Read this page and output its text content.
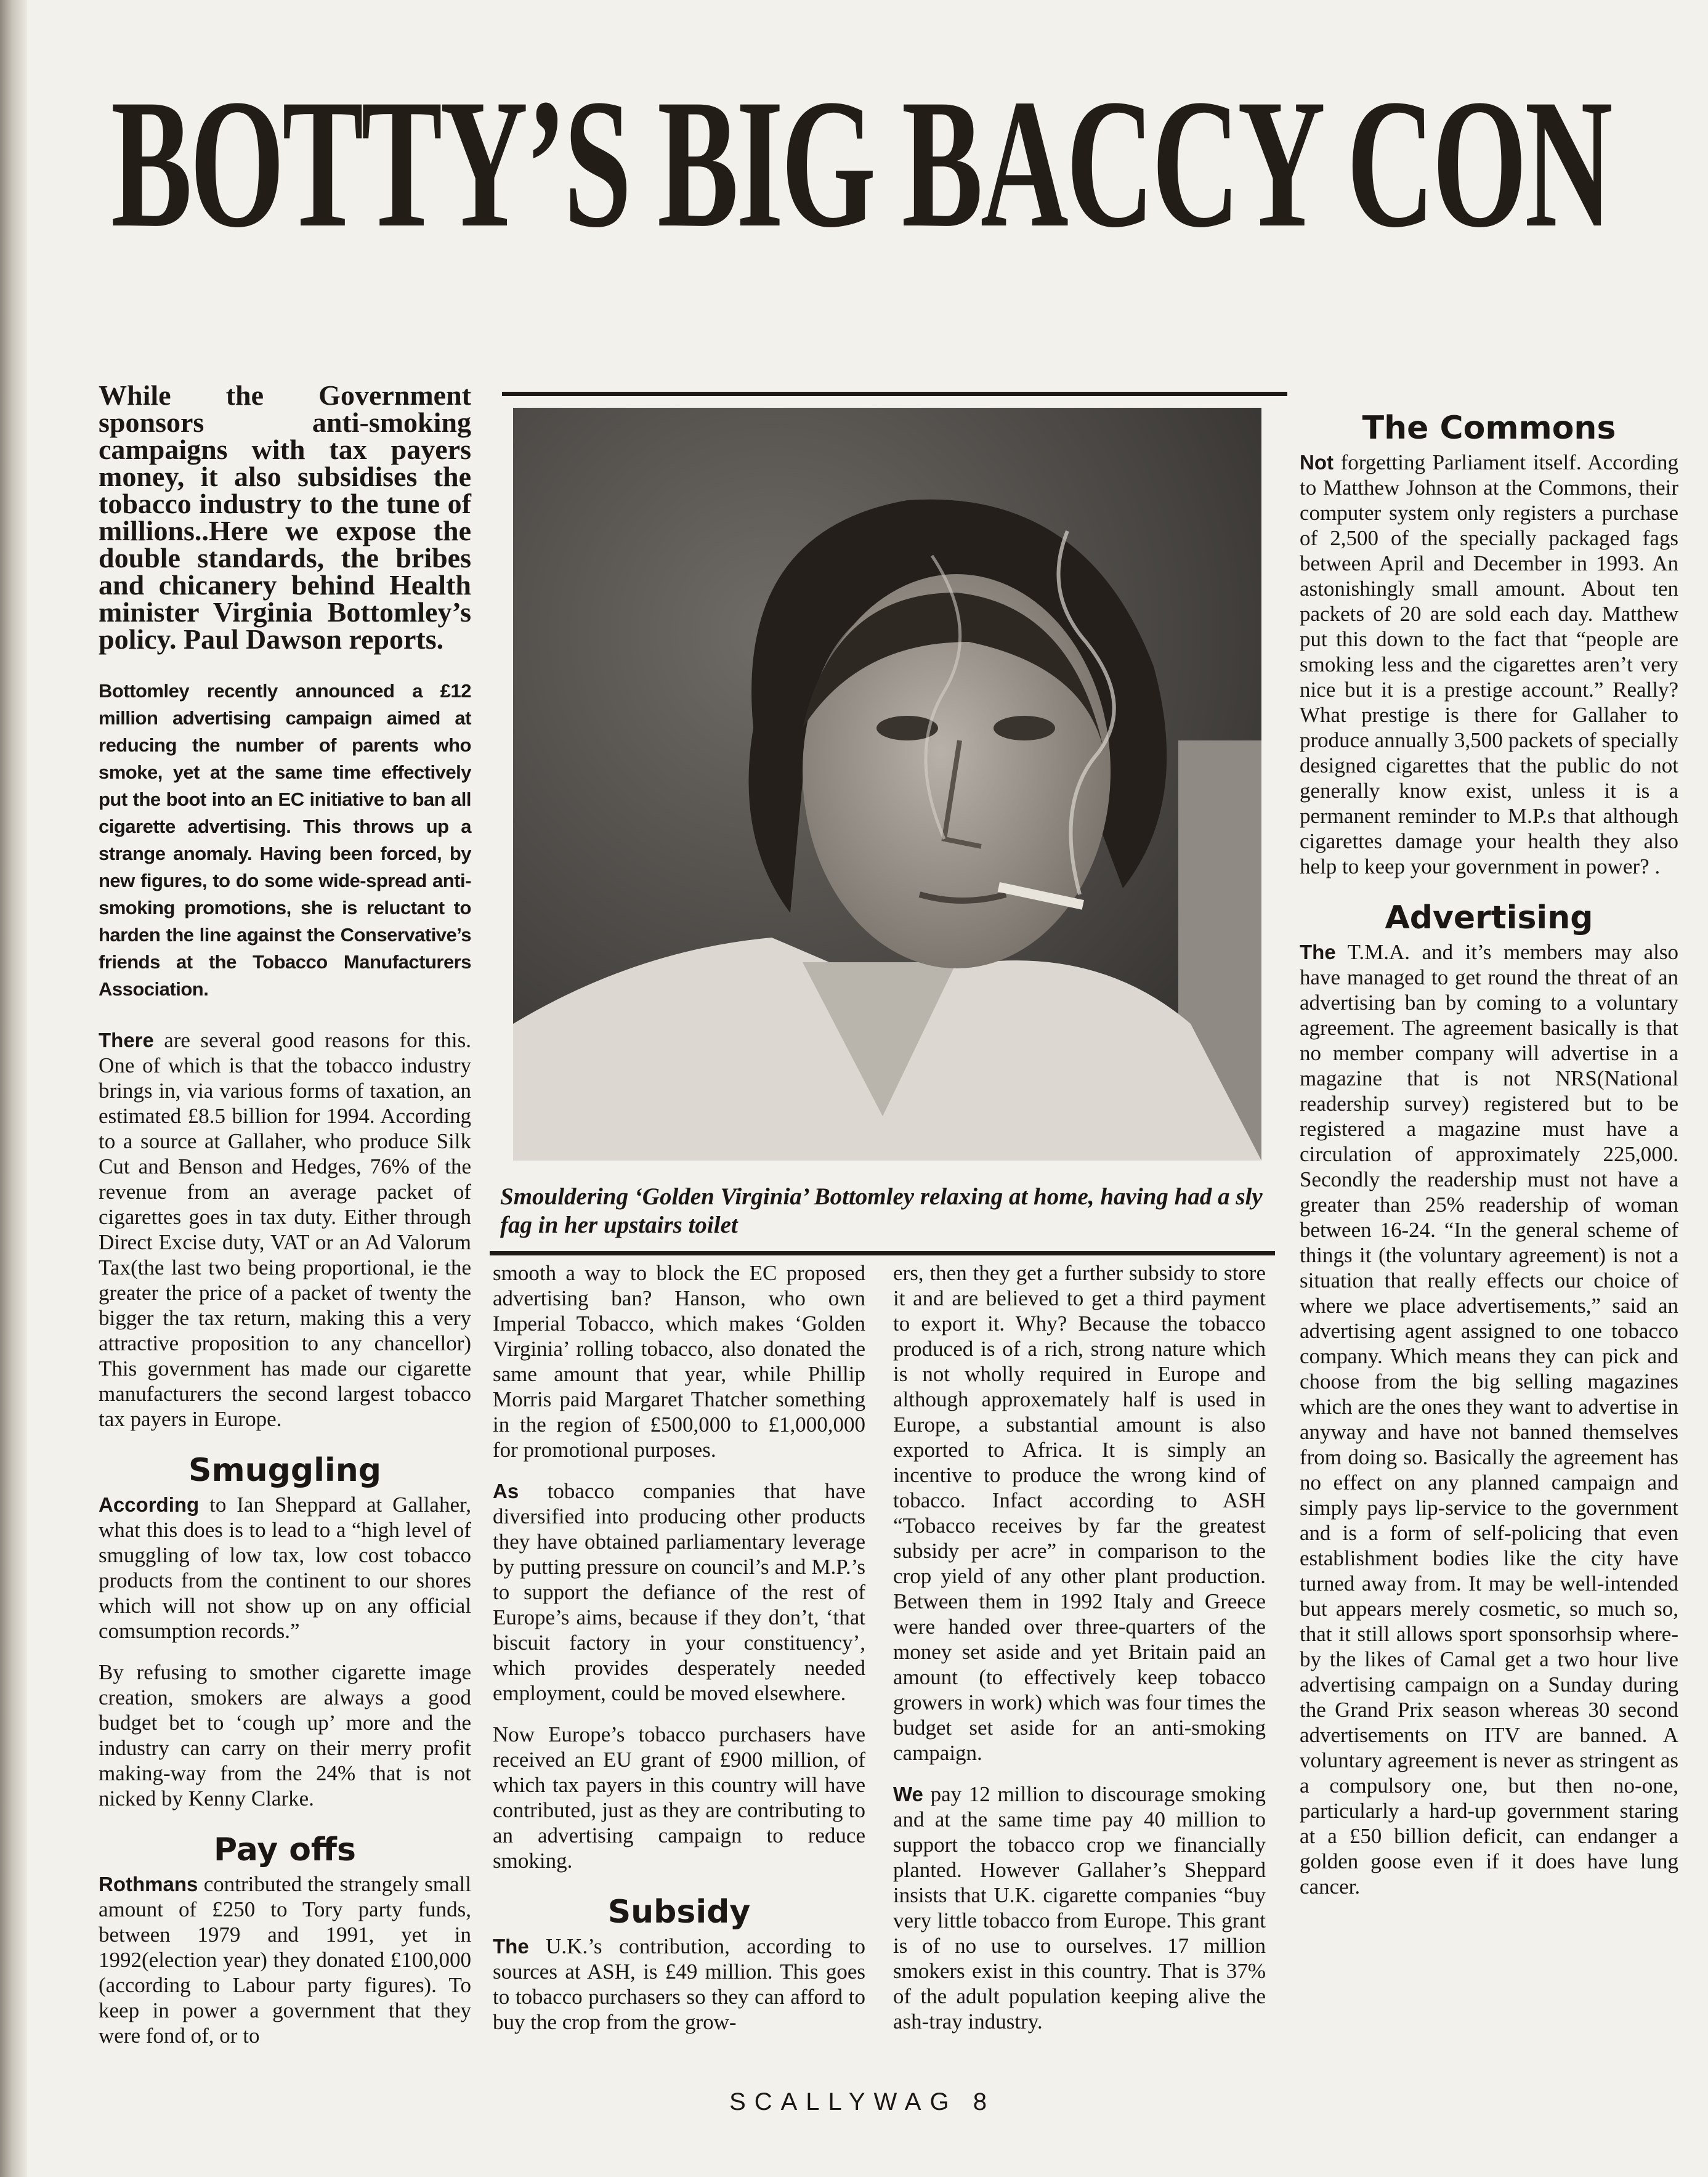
BOTTY’S BIG BACCY CON

While the Government sponsors anti-smoking campaigns with tax payers money, it also subsidises the tobacco industry to the tune of millions..Here we expose the double standards, the bribes and chicanery behind Health minister Virginia Bottomley’s policy. Paul Dawson reports.

Bottomley recently announced a £12 million advertising campaign aimed at reducing the number of parents who smoke, yet at the same time effectively put the boot into an EC initiative to ban all cigarette advertising. This throws up a strange anomaly. Having been forced, by new figures, to do some wide-spread anti-smoking promotions, she is reluctant to harden the line against the Conservative’s friends at the Tobacco Manufacturers Association.

There are several good reasons for this. One of which is that the tobacco industry brings in, via various forms of taxation, an estimated £8.5 billion for 1994. According to a source at Gallaher, who produce Silk Cut and Benson and Hedges, 76% of the revenue from an average packet of cigarettes goes in tax duty. Either through Direct Excise duty, VAT or an Ad Valorum Tax(the last two being proportional, ie the greater the price of a packet of twenty the bigger the tax return, making this a very attractive proposition to any chancellor) This government has made our cigarette manufacturers the second largest tobacco tax payers in Europe.

Smuggling

According to Ian Sheppard at Gallaher, what this does is to lead to a “high level of smuggling of low tax, low cost tobacco products from the continent to our shores which will not show up on any official comsumption records.”

By refusing to smother cigarette image creation, smokers are always a good budget bet to ‘cough up’ more and the industry can carry on their merry profit making-way from the 24% that is not nicked by Kenny Clarke.

Pay offs

Rothmans contributed the strangely small amount of £250 to Tory party funds, between 1979 and 1991, yet in 1992(election year) they donated £100,000 (according to Labour party figures). To keep in power a government that they were fond of, or to

Smouldering ‘Golden Virginia’ Bottomley relaxing at home, having had a sly fag in her upstairs toilet

smooth a way to block the EC proposed advertising ban? Hanson, who own Imperial Tobacco, which makes ‘Golden Virginia’ rolling tobacco, also donated the same amount that year, while Phillip Morris paid Margaret Thatcher something in the region of £500,000 to £1,000,000 for promotional purposes.

As tobacco companies that have diversified into producing other products they have obtained parliamentary leverage by putting pressure on council’s and M.P.’s to support the defiance of the rest of Europe’s aims, because if they don’t, ‘that biscuit factory in your constituency’, which provides desperately needed employment, could be moved elsewhere.

Now Europe’s tobacco purchasers have received an EU grant of £900 million, of which tax payers in this country will have contributed, just as they are contributing to an advertising campaign to reduce smoking.

Subsidy

The U.K.’s contribution, according to sources at ASH, is £49 million. This goes to tobacco purchasers so they can afford to buy the crop from the grow-

ers, then they get a further subsidy to store it and are believed to get a third payment to export it. Why? Because the tobacco produced is of a rich, strong nature which is not wholly required in Europe and although approxemately half is used in Europe, a substantial amount is also exported to Africa. It is simply an incentive to produce the wrong kind of tobacco. Infact according to ASH “Tobacco receives by far the greatest subsidy per acre” in comparison to the crop yield of any other plant production. Between them in 1992 Italy and Greece were handed over three-quarters of the money set aside and yet Britain paid an amount (to effectively keep tobacco growers in work) which was four times the budget set aside for an anti-smoking campaign.

We pay 12 million to discourage smoking and at the same time pay 40 million to support the tobacco crop we financially planted. However Gallaher’s Sheppard insists that U.K. cigarette companies “buy very little tobacco from Europe. This grant is of no use to ourselves. 17 million smokers exist in this country. That is 37% of the adult population keeping alive the ash-tray industry.

The Commons

Not forgetting Parliament itself. According to Matthew Johnson at the Commons, their computer system only registers a purchase of 2,500 of the specially packaged fags between April and December in 1993. An astonishingly small amount. About ten packets of 20 are sold each day. Matthew put this down to the fact that “people are smoking less and the cigarettes aren’t very nice but it is a prestige account.” Really? What prestige is there for Gallaher to produce annually 3,500 packets of specially designed cigarettes that the public do not generally know exist, unless it is a permanent reminder to M.P.s that although cigarettes damage your health they also help to keep your government in power? .

Advertising

The T.M.A. and it’s members may also have managed to get round the threat of an advertising ban by coming to a voluntary agreement. The agreement basically is that no member company will advertise in a magazine that is not NRS(National readership survey) registered but to be registered a magazine must have a circulation of approximately 225,000. Secondly the readership must not have a greater than 25% readership of woman between 16-24. “In the general scheme of things it (the voluntary agreement) is not a situation that really effects our choice of where we place advertisements,” said an advertising agent assigned to one tobacco company. Which means they can pick and choose from the big selling magazines which are the ones they want to advertise in anyway and have not banned themselves from doing so. Basically the agreement has no effect on any planned campaign and simply pays lip-service to the government and is a form of self-policing that even establishment bodies like the city have turned away from. It may be well-intended but appears merely cosmetic, so much so, that it still allows sport sponsorhsip where-by the likes of Camal get a two hour live advertising campaign on a Sunday during the Grand Prix season whereas 30 second advertisements on ITV are banned. A voluntary agreement is never as stringent as a compulsory one, but then no-one, particularly a hard-up government staring at a £50 billion deficit, can endanger a golden goose even if it does have lung cancer.

SCALLYWAG 8
